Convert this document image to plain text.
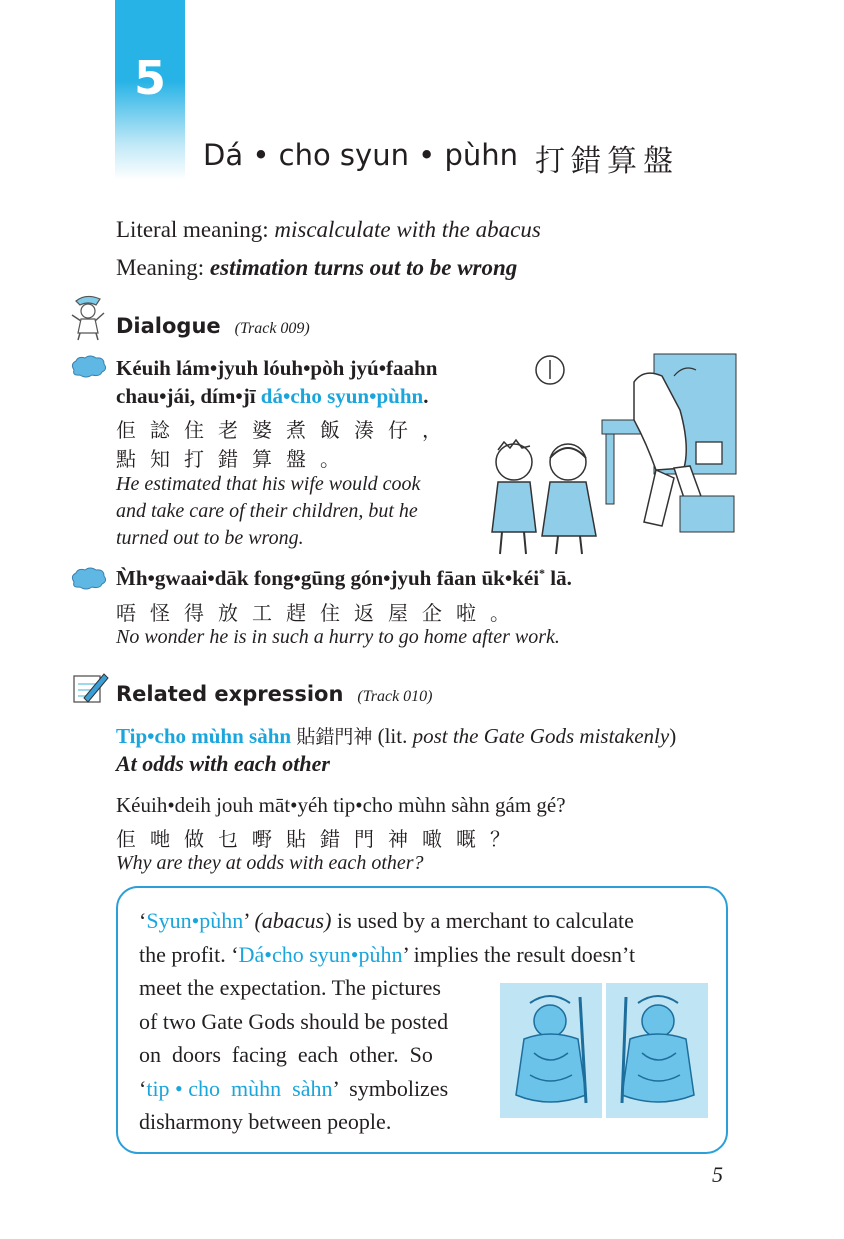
5
Dá • cho syun • pùhn 打錯算盤
Literal meaning: miscalculate with the abacus
Meaning: estimation turns out to be wrong
Dialogue (Track 009)
Kéuih lám•jyuh lóuh•pòh jyú•faahn
chau•jái, dím•jī dá•cho syun•pùhn.
佢諗住老婆煮飯湊仔，
點知打錯算盤。
He estimated that his wife would cook
and take care of their children, but he
turned out to be wrong.
M̀h•gwaai•dāk fong•gūng gón•jyuh fāan ūk•kéi* lā.
唔怪得放工趕住返屋企啦。
No wonder he is in such a hurry to go home after work.
Related expression (Track 010)
Tip•cho mùhn sàhn 貼錯門神 (lit. post the Gate Gods mistakenly)
At odds with each other
Kéuih•deih jouh māt•yéh tip•cho mùhn sàhn gám gé?
佢哋做乜嘢貼錯門神噉嘅？
Why are they at odds with each other?
‘Syun•pùhn’ (abacus) is used by a merchant to calculate
the profit. ‘Dá•cho syun•pùhn’ implies the result doesn’t
meet the expectation. The pictures
of two Gate Gods should be posted
on  doors  facing  each  other.  So
‘tip • cho  mùhn  sàhn’  symbolizes
disharmony between people.
5
